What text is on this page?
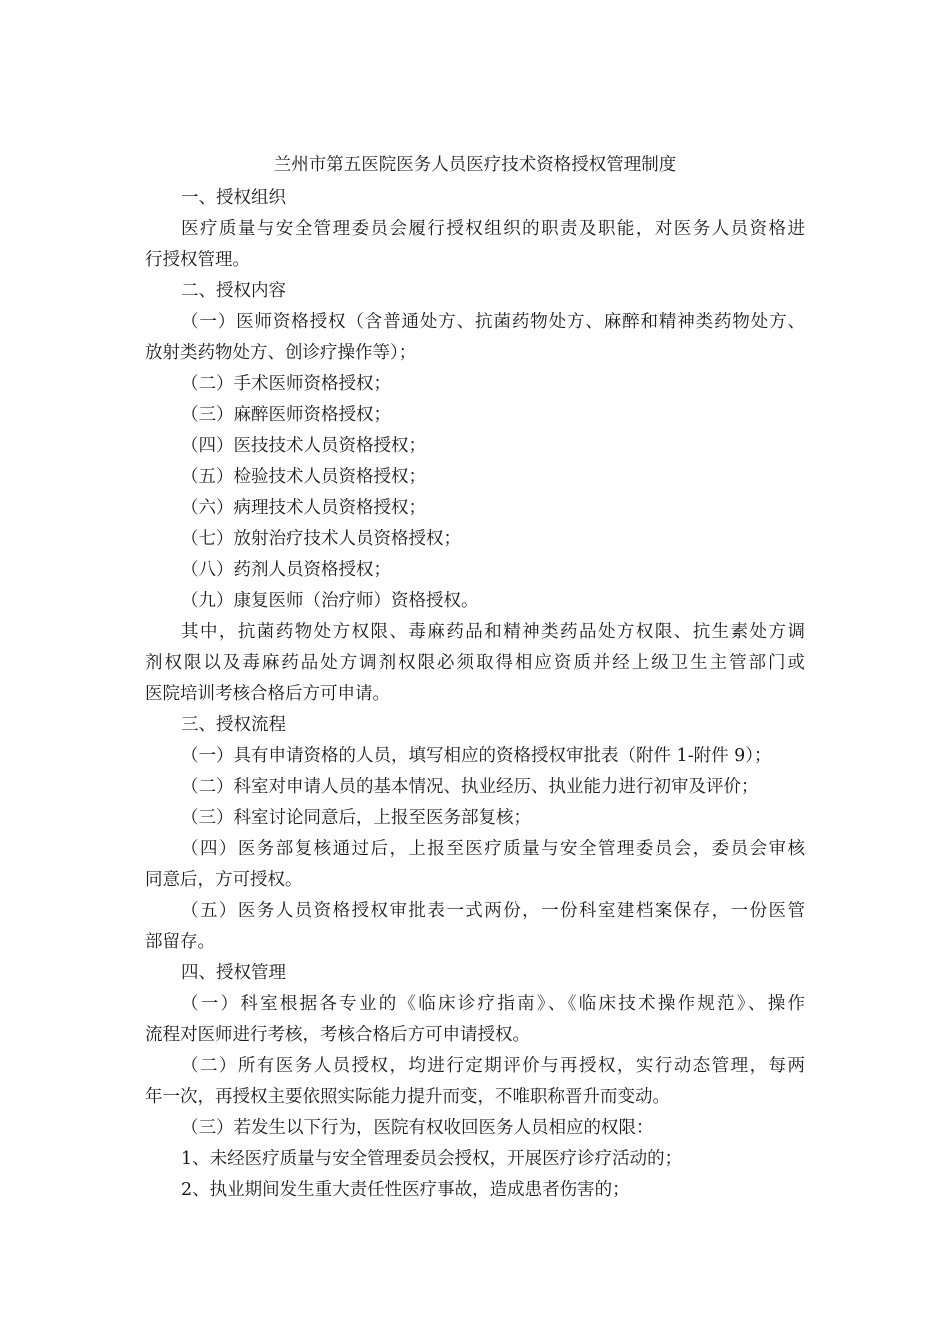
兰州市第五医院医务人员医疗技术资格授权管理制度
一、授权组织
医疗质量与安全管理委员会履行授权组织的职责及职能，对医务人员资格进
行授权管理。
二、授权内容
（一）医师资格授权（含普通处方、抗菌药物处方、麻醉和精神类药物处方、
放射类药物处方、创诊疗操作等）；
（二）手术医师资格授权；
（三）麻醉医师资格授权；
（四）医技技术人员资格授权；
（五）检验技术人员资格授权；
（六）病理技术人员资格授权；
（七）放射治疗技术人员资格授权；
（八）药剂人员资格授权；
（九）康复医师（治疗师）资格授权。
其中，抗菌药物处方权限、毒麻药品和精神类药品处方权限、抗生素处方调
剂权限以及毒麻药品处方调剂权限必须取得相应资质并经上级卫生主管部门或
医院培训考核合格后方可申请。
三、授权流程
（一）具有申请资格的人员，填写相应的资格授权审批表（附件 1-附件 9）；
（二）科室对申请人员的基本情况、执业经历、执业能力进行初审及评价；
（三）科室讨论同意后，上报至医务部复核；
（四）医务部复核通过后，上报至医疗质量与安全管理委员会，委员会审核
同意后，方可授权。
（五）医务人员资格授权审批表一式两份，一份科室建档案保存，一份医管
部留存。
四、授权管理
（一）科室根据各专业的《临床诊疗指南》、《临床技术操作规范》、操作
流程对医师进行考核，考核合格后方可申请授权。
（二）所有医务人员授权，均进行定期评价与再授权，实行动态管理，每两
年一次，再授权主要依照实际能力提升而变，不唯职称晋升而变动。
（三）若发生以下行为，医院有权收回医务人员相应的权限：
1、未经医疗质量与安全管理委员会授权，开展医疗诊疗活动的；
2、执业期间发生重大责任性医疗事故，造成患者伤害的；
